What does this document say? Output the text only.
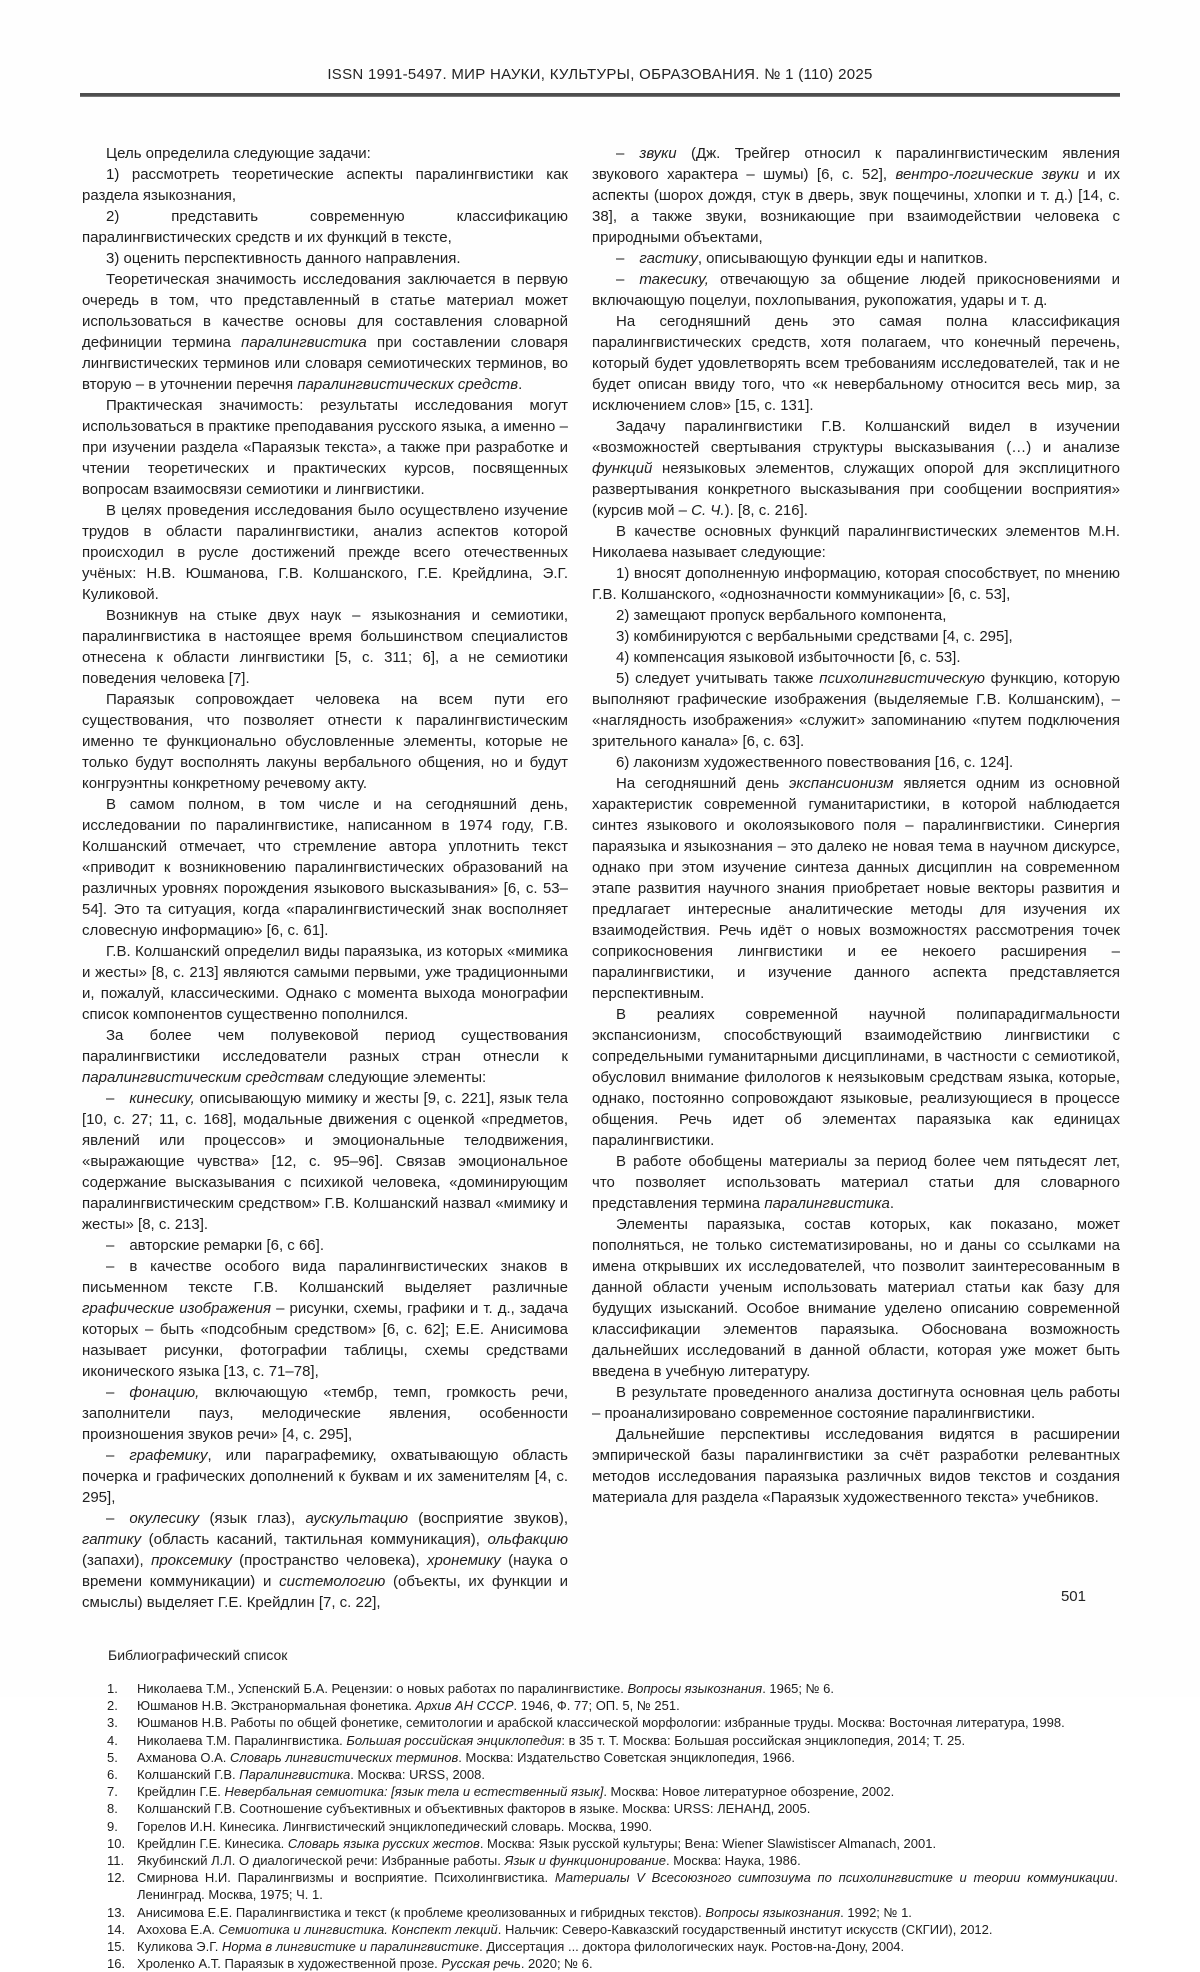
ISSN 1991-5497. МИР НАУКИ, КУЛЬТУРЫ, ОБРАЗОВАНИЯ. № 1 (110) 2025

Цель определила следующие задачи:

1) рассмотреть теоретические аспекты паралингвистики как раздела языкознания,

2) представить современную классификацию паралингвистических средств и их функций в тексте,

3) оценить перспективность данного направления.

Теоретическая значимость исследования заключается в первую очередь в том, что представленный в статье материал может использоваться в качестве основы для составления словарной дефиниции термина паралингвистика при составлении словаря лингвистических терминов или словаря семиотических терминов, во вторую – в уточнении перечня паралингвистических средств.

Практическая значимость: результаты исследования могут использоваться в практике преподавания русского языка, а именно – при изучении раздела «Параязык текста», а также при разработке и чтении теоретических и практических курсов, посвященных вопросам взаимосвязи семиотики и лингвистики.

В целях проведения исследования было осуществлено изучение трудов в области паралингвистики, анализ аспектов которой происходил в русле достижений прежде всего отечественных учёных: Н.В. Юшманова, Г.В. Колшанского, Г.Е. Крейдлина, Э.Г. Куликовой.

Возникнув на стыке двух наук – языкознания и семиотики, паралингвистика в настоящее время большинством специалистов отнесена к области лингвистики [5, с. 311; 6], а не семиотики поведения человека [7].

Параязык сопровождает человека на всем пути его существования, что позволяет отнести к паралингвистическим именно те функционально обусловленные элементы, которые не только будут восполнять лакуны вербального общения, но и будут конгруэнтны конкретному речевому акту.

В самом полном, в том числе и на сегодняшний день, исследовании по паралингвистике, написанном в 1974 году, Г.В. Колшанский отмечает, что стремление автора уплотнить текст «приводит к возникновению паралингвистических образований на различных уровнях порождения языкового высказывания» [6, с. 53–54]. Это та ситуация, когда «паралингвистический знак восполняет словесную информацию» [6, с. 61].

Г.В. Колшанский определил виды параязыка, из которых «мимика и жесты» [8, с. 213] являются самыми первыми, уже традиционными и, пожалуй, классическими. Однако с момента выхода монографии список компонентов существенно пополнился.

За более чем полувековой период существования паралингвистики исследователи разных стран отнесли к паралингвистическим средствам следующие элементы:

– кинесику, описывающую мимику и жесты [9, с. 221], язык тела [10, с. 27; 11, с. 168], модальные движения с оценкой «предметов, явлений или процессов» и эмоциональные телодвижения, «выражающие чувства» [12, с. 95–96]. Связав эмоциональное содержание высказывания с психикой человека, «доминирующим паралингвистическим средством» Г.В. Колшанский назвал «мимику и жесты» [8, с. 213].

– авторские ремарки [6, с 66].

– в качестве особого вида паралингвистических знаков в письменном тексте Г.В. Колшанский выделяет различные графические изображения – рисунки, схемы, графики и т. д., задача которых – быть «подсобным средством» [6, с. 62]; Е.Е. Анисимова называет рисунки, фотографии таблицы, схемы средствами иконического языка [13, с. 71–78],

– фонацию, включающую «тембр, темп, громкость речи, заполнители пауз, мелодические явления, особенности произношения звуков речи» [4, с. 295],

– графемику, или параграфемику, охватывающую область почерка и графических дополнений к буквам и их заменителям [4, с. 295],

– окулесику (язык глаз), аускультацию (восприятие звуков), гаптику (область касаний, тактильная коммуникация), ольфакцию (запахи), проксемику (пространство человека), хронемику (наука о времени коммуникации) и системологию (объекты, их функции и смыслы) выделяет Г.Е. Крейдлин [7, с. 22],

– звуки (Дж. Трейгер относил к паралингвистическим явления звукового характера – шумы) [6, с. 52], вентро-логические звуки и их аспекты (шорох дождя, стук в дверь, звук пощечины, хлопки и т. д.) [14, с. 38], а также звуки, возникающие при взаимодействии человека с природными объектами,

– гастику, описывающую функции еды и напитков.

– такесику, отвечающую за общение людей прикосновениями и включающую поцелуи, похлопывания, рукопожатия, удары и т. д.

На сегодняшний день это самая полна классификация паралингвистических средств, хотя полагаем, что конечный перечень, который будет удовлетворять всем требованиям исследователей, так и не будет описан ввиду того, что «к невербальному относится весь мир, за исключением слов» [15, с. 131].

Задачу паралингвистики Г.В. Колшанский видел в изучении «возможностей свертывания структуры высказывания (…) и анализе функций неязыковых элементов, служащих опорой для эксплицитного развертывания конкретного высказывания при сообщении восприятия» (курсив мой – С. Ч.). [8, с. 216].

В качестве основных функций паралингвистических элементов М.Н. Николаева называет следующие:

1) вносят дополненную информацию, которая способствует, по мнению Г.В. Колшанского, «однозначности коммуникации» [6, с. 53],

2) замещают пропуск вербального компонента,

3) комбинируются с вербальными средствами [4, с. 295],

4) компенсация языковой избыточности [6, с. 53].

5) следует учитывать также психолингвистическую функцию, которую выполняют графические изображения (выделяемые Г.В. Колшанским), – «наглядность изображения» «служит» запоминанию «путем подключения зрительного канала» [6, с. 63].

6) лаконизм художественного повествования [16, с. 124].

На сегодняшний день экспансионизм является одним из основной характеристик современной гуманитаристики, в которой наблюдается синтез языкового и околоязыкового поля – паралингвистики. Синергия параязыка и языкознания – это далеко не новая тема в научном дискурсе, однако при этом изучение синтеза данных дисциплин на современном этапе развития научного знания приобретает новые векторы развития и предлагает интересные аналитические методы для изучения их взаимодействия. Речь идёт о новых возможностях рассмотрения точек соприкосновения лингвистики и ее некоего расширения – паралингвистики, и изучение данного аспекта представляется перспективным.

В реалиях современной научной полипарадигмальности экспансионизм, способствующий взаимодействию лингвистики с сопредельными гуманитарными дисциплинами, в частности с семиотикой, обусловил внимание филологов к неязыковым средствам языка, которые, однако, постоянно сопровождают языковые, реализующиеся в процессе общения. Речь идет об элементах параязыка как единицах паралингвистики.

В работе обобщены материалы за период более чем пятьдесят лет, что позволяет использовать материал статьи для словарного представления термина паралингвистика.

Элементы параязыка, состав которых, как показано, может пополняться, не только систематизированы, но и даны со ссылками на имена открывших их исследователей, что позволит заинтересованным в данной области ученым использовать материал статьи как базу для будущих изысканий. Особое внимание уделено описанию современной классификации элементов параязыка. Обоснована возможность дальнейших исследований в данной области, которая уже может быть введена в учебную литературу.

В результате проведенного анализа достигнута основная цель работы – проанализировано современное состояние паралингвистики.

Дальнейшие перспективы исследования видятся в расширении эмпирической базы паралингвистики за счёт разработки релевантных методов исследования параязыка различных видов текстов и создания материала для раздела «Параязык художественного текста» учебников.

Библиографический список
1.	Николаева Т.М., Успенский Б.А. Рецензии: о новых работах по паралингвистике. Вопросы языкознания. 1965; № 6.
2.	Юшманов Н.В. Экстранормальная фонетика. Архив АН СССР. 1946, Ф. 77; ОП. 5, № 251.
3.	Юшманов Н.В. Работы по общей фонетике, семитологии и арабской классической морфологии: избранные труды. Москва: Восточная литература, 1998.
4.	Николаева Т.М. Паралингвистика. Большая российская энциклопедия: в 35 т. Т. Москва: Большая российская энциклопедия, 2014; Т. 25.
5.	Ахманова О.А. Словарь лингвистических терминов. Москва: Издательство Советская энциклопедия, 1966.
6.	Колшанский Г.В. Паралингвистика. Москва: URSS, 2008.
7.	Крейдлин Г.Е. Невербальная семиотика: [язык тела и естественный язык]. Москва: Новое литературное обозрение, 2002.
8.	Колшанский Г.В. Соотношение субъективных и объективных факторов в языке. Москва: URSS: ЛЕНАНД, 2005.
9.	Горелов И.Н. Кинесика. Лингвистический энциклопедический словарь. Москва, 1990.
10. Крейдлин Г.Е. Кинесика. Словарь языка русских жестов. Москва: Язык русской культуры; Вена: Wiener Slawistiscer Almanach, 2001.
11. Якубинский Л.Л. О диалогической речи: Избранные работы. Язык и функционирование. Москва: Наука, 1986.
12. Смирнова Н.И. Паралингвизмы и восприятие. Психолингвистика. Материалы V Всесоюзного симпозиума по психолингвистике и теории коммуникации. Ленинград. Москва, 1975; Ч. 1.
13. Анисимова Е.Е. Паралингвистика и текст (к проблеме креолизованных и гибридных текстов). Вопросы языкознания. 1992; № 1.
14. Ахохова Е.А. Семиотика и лингвистика. Конспект лекций. Нальчик: Северо-Кавказский государственный институт искусств (СКГИИ), 2012.
15. Куликова Э.Г. Норма в лингвистике и паралингвистике. Диссертация ... доктора филологических наук. Ростов-на-Дону, 2004.
16. Хроленко А.Т. Параязык в художественной прозе. Русская речь. 2020; № 6.
501
